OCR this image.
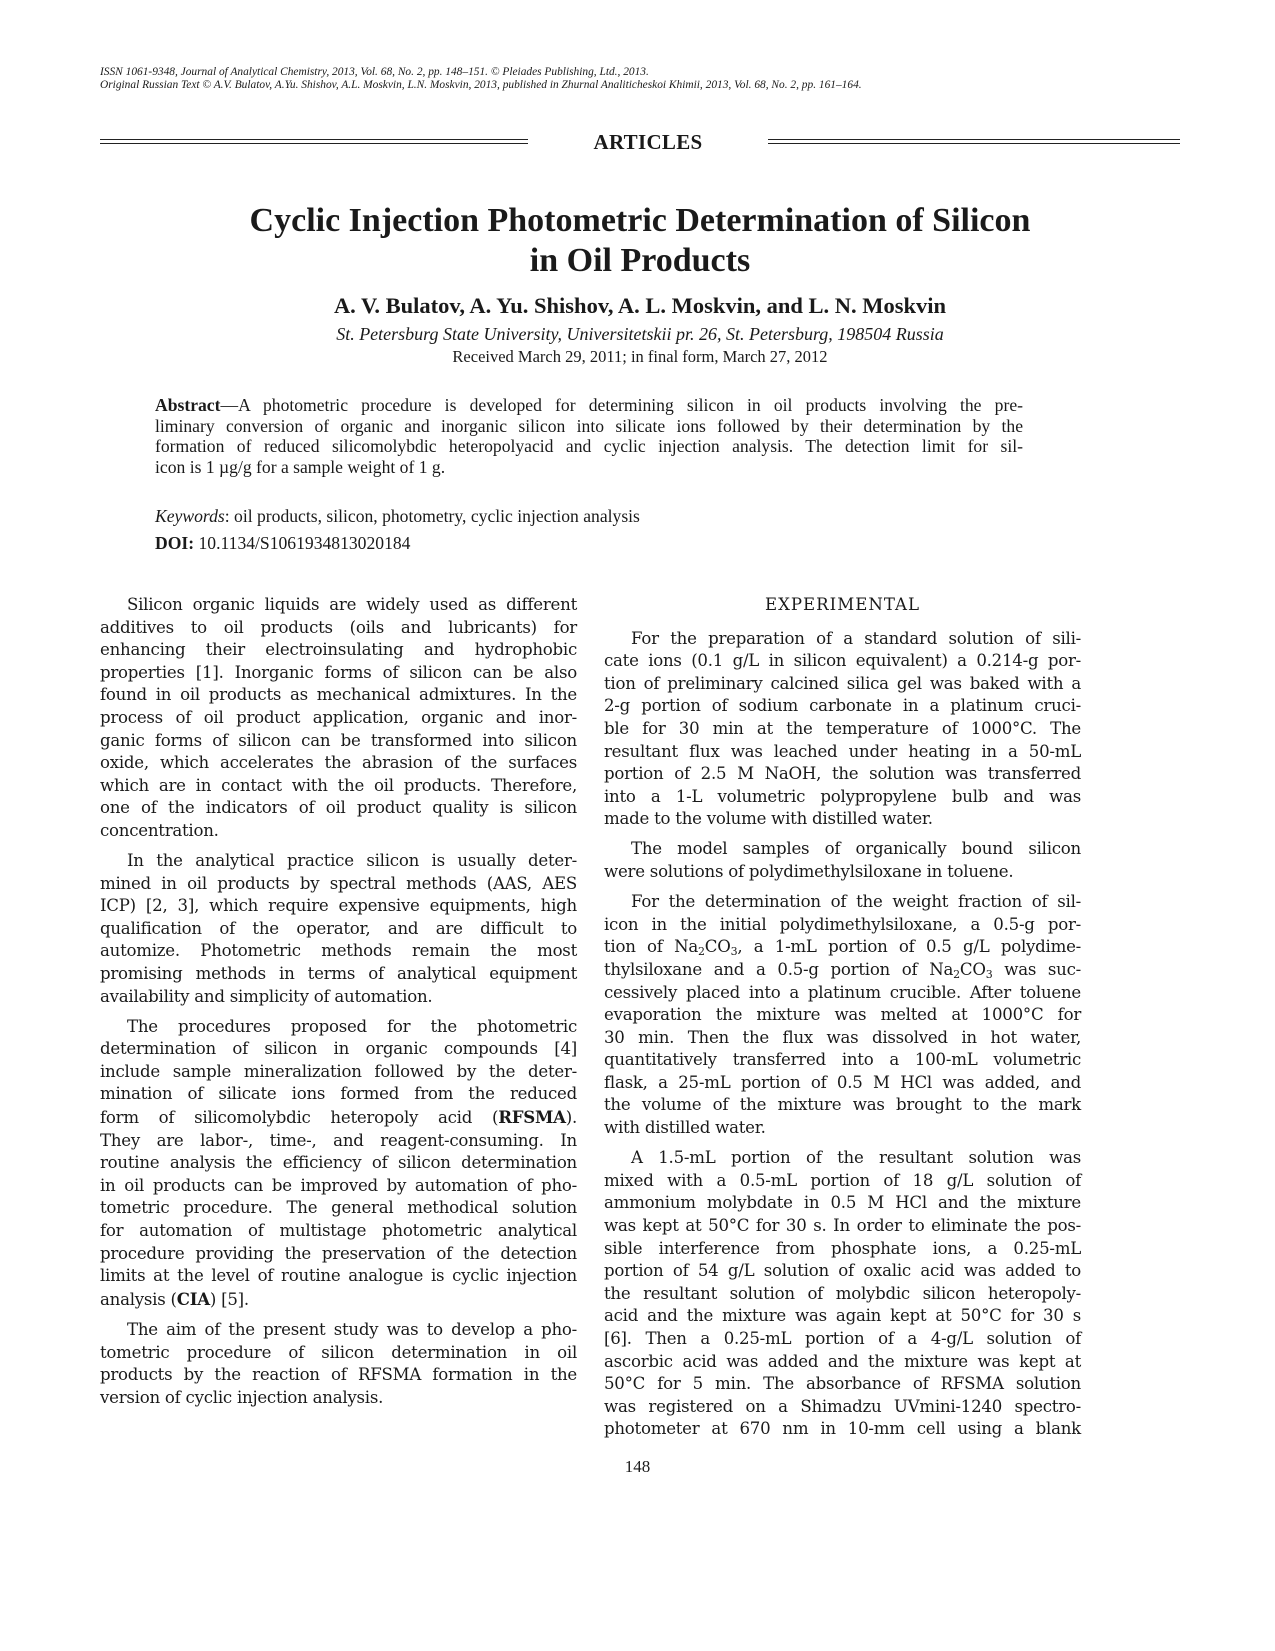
ISSN 1061-9348, Journal of Analytical Chemistry, 2013, Vol. 68, No. 2, pp. 148–151. © Pleiades Publishing, Ltd., 2013.
Original Russian Text © A.V. Bulatov, A.Yu. Shishov, A.L. Moskvin, L.N. Moskvin, 2013, published in Zhurnal Analiticheskoi Khimii, 2013, Vol. 68, No. 2, pp. 161–164.
ARTICLES
Cyclic Injection Photometric Determination of Silicon
in Oil Products
A. V. Bulatov, A. Yu. Shishov, A. L. Moskvin, and L. N. Moskvin
St. Petersburg State University, Universitetskii pr. 26, St. Petersburg, 198504 Russia
Received March 29, 2011; in final form, March 27, 2012
Abstract—A photometric procedure is developed for determining silicon in oil products involving the pre-
liminary conversion of organic and inorganic silicon into silicate ions followed by their determination by the
formation of reduced silicomolybdic heteropolyacid and cyclic injection analysis. The detection limit for sil-
icon is 1 µg/g for a sample weight of 1 g.
Keywords: oil products, silicon, photometry, cyclic injection analysis
DOI: 10.1134/S1061934813020184
Silicon organic liquids are widely used as different
additives to oil products (oils and lubricants) for
enhancing their electroinsulating and hydrophobic
properties [1]. Inorganic forms of silicon can be also
found in oil products as mechanical admixtures. In the
process of oil product application, organic and inor-
ganic forms of silicon can be transformed into silicon
oxide, which accelerates the abrasion of the surfaces
which are in contact with the oil products. Therefore,
one of the indicators of oil product quality is silicon
concentration.
In the analytical practice silicon is usually deter-
mined in oil products by spectral methods (AAS, AES
ICP) [2, 3], which require expensive equipments, high
qualification of the operator, and are difficult to
automize. Photometric methods remain the most
promising methods in terms of analytical equipment
availability and simplicity of automation.
The procedures proposed for the photometric
determination of silicon in organic compounds [4]
include sample mineralization followed by the deter-
mination of silicate ions formed from the reduced
form of silicomolybdic heteropoly acid (RFSMA).
They are labor-, time-, and reagent-consuming. In
routine analysis the efficiency of silicon determination
in oil products can be improved by automation of pho-
tometric procedure. The general methodical solution
for automation of multistage photometric analytical
procedure providing the preservation of the detection
limits at the level of routine analogue is cyclic injection
analysis (CIA) [5].
The aim of the present study was to develop a pho-
tometric procedure of silicon determination in oil
products by the reaction of RFSMA formation in the
version of cyclic injection analysis.
EXPERIMENTAL
For the preparation of a standard solution of sili-
cate ions (0.1 g/L in silicon equivalent) a 0.214-g por-
tion of preliminary calcined silica gel was baked with a
2-g portion of sodium carbonate in a platinum cruci-
ble for 30 min at the temperature of 1000°C. The
resultant flux was leached under heating in a 50-mL
portion of 2.5 M NaOH, the solution was transferred
into a 1-L volumetric polypropylene bulb and was
made to the volume with distilled water.
The model samples of organically bound silicon
were solutions of polydimethylsiloxane in toluene.
For the determination of the weight fraction of sil-
icon in the initial polydimethylsiloxane, a 0.5-g por-
tion of $Na_2CO_3$, a 1-mL portion of 0.5 g/L polydime-
thylsiloxane and a 0.5-g portion of $Na_2CO_3$ was suc-
cessively placed into a platinum crucible. After toluene
evaporation the mixture was melted at 1000°C for
30 min. Then the flux was dissolved in hot water,
quantitatively transferred into a 100-mL volumetric
flask, a 25-mL portion of 0.5 M HCl was added, and
the volume of the mixture was brought to the mark
with distilled water.
A 1.5-mL portion of the resultant solution was
mixed with a 0.5-mL portion of 18 g/L solution of
ammonium molybdate in 0.5 M HCl and the mixture
was kept at 50°C for 30 s. In order to eliminate the pos-
sible interference from phosphate ions, a 0.25-mL
portion of 54 g/L solution of oxalic acid was added to
the resultant solution of molybdic silicon heteropoly-
acid and the mixture was again kept at 50°C for 30 s
[6]. Then a 0.25-mL portion of a 4-g/L solution of
ascorbic acid was added and the mixture was kept at
50°C for 5 min. The absorbance of RFSMA solution
was registered on a Shimadzu UVmini-1240 spectro-
photometer at 670 nm in 10-mm cell using a blank
148
